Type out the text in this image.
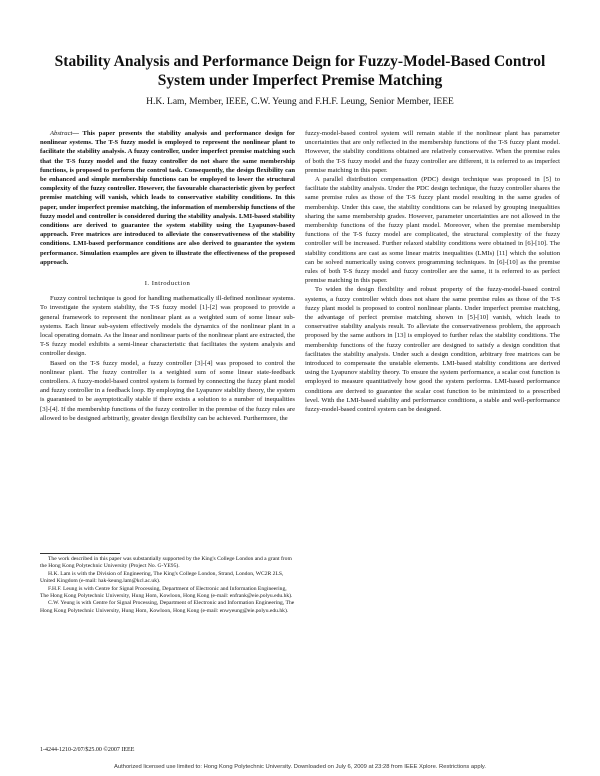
Stability Analysis and Performance Deign for Fuzzy-Model-Based Control System under Imperfect Premise Matching
H.K. Lam, Member, IEEE, C.W. Yeung and F.H.F. Leung, Senior Member, IEEE

Abstract— This paper presents the stability analysis and performance design for nonlinear systems. The T-S fuzzy model is employed to represent the nonlinear plant to facilitate the stability analysis. A fuzzy controller, under imperfect premise matching such that the T-S fuzzy model and the fuzzy controller do not share the same membership functions, is proposed to perform the control task. Consequently, the design flexibility can be enhanced and simple membership functions can be employed to lower the structural complexity of the fuzzy controller. However, the favourable characteristic given by perfect premise matching will vanish, which leads to conservative stability conditions. In this paper, under imperfect premise matching, the information of membership functions of the fuzzy model and controller is considered during the stability analysis. LMI-based stability conditions are derived to guarantee the system stability using the Lyapunov-based approach. Free matrices are introduced to alleviate the conservativeness of the stability conditions. LMI-based performance conditions are also derived to guarantee the system performance. Simulation examples are given to illustrate the effectiveness of the proposed approach.

I. Introduction

Fuzzy control technique is good for handling mathematically ill-defined nonlinear systems. To investigate the system stability, the T-S fuzzy model [1]-[2] was proposed to provide a general framework to represent the nonlinear plant as a weighted sum of some linear sub-systems. Each linear sub-system effectively models the dynamics of the nonlinear plant in a local operating domain. As the linear and nonlinear parts of the nonlinear plant are extracted, the T-S fuzzy model exhibits a semi-linear characteristic that facilitates the system analysis and controller design.

Based on the T-S fuzzy model, a fuzzy controller [3]-[4] was proposed to control the nonlinear plant. The fuzzy controller is a weighted sum of some linear state-feedback controllers. A fuzzy-model-based control system is formed by connecting the fuzzy plant model and fuzzy controller in a feedback loop. By employing the Lyapunov stability theory, the system is guaranteed to be asymptotically stable if there exists a solution to a number of inequalities [3]-[4]. If the membership functions of the fuzzy controller in the premise of the fuzzy rules are allowed to be designed arbitrarily, greater design flexibility can be achieved. Furthermore, the

The work described in this paper was substantially supported by the King's College London and a grant from the Hong Kong Polytechnic University (Project No. G-YE95).

H.K. Lam is with the Division of Engineering, The King's College London, Strand, London, WC2R 2LS, United Kingdom (e-mail: hak-keung.lam@kcl.ac.uk).

F.H.F. Leung is with Centre for Signal Processing, Department of Electronic and Information Engineering, The Hong Kong Polytechnic University, Hung Hom, Kowloon, Hong Kong (e-mail: enfrank@eie.polyu.edu.hk).

C.W. Yeung is with Centre for Signal Processing, Department of Electronic and Information Engineering, The Hong Kong Polytechnic University, Hung Hom, Kowloon, Hong Kong (e-mail: enwyeung@eie.polyu.edu.hk).

fuzzy-model-based control system will remain stable if the nonlinear plant has parameter uncertainties that are only reflected in the membership functions of the T-S fuzzy plant model. However, the stability conditions obtained are relatively conservative. When the premise rules of both the T-S fuzzy model and the fuzzy controller are different, it is referred to as imperfect premise matching in this paper.

A parallel distribution compensation (PDC) design technique was proposed in [5] to facilitate the stability analysis. Under the PDC design technique, the fuzzy controller shares the same premise rules as those of the T-S fuzzy plant model resulting in the same grades of membership. Under this case, the stability conditions can be relaxed by grouping inequalities sharing the same membership grades. However, parameter uncertainties are not allowed in the membership functions of the fuzzy plant model. Moreover, when the premise membership functions of the T-S fuzzy model are complicated, the structural complexity of the fuzzy controller will be increased. Further relaxed stability conditions were obtained in [6]-[10]. The stability conditions are cast as some linear matrix inequalities (LMIs) [11] which the solution can be solved numerically using convex programming techniques. In [6]-[10] as the premise rules of both T-S fuzzy model and fuzzy controller are the same, it is referred to as perfect premise matching in this paper.

To widen the design flexibility and robust property of the fuzzy-model-based control systems, a fuzzy controller which does not share the same premise rules as those of the T-S fuzzy plant model is proposed to control nonlinear plants. Under imperfect premise matching, the advantage of perfect premise matching shown in [5]-[10] vanish, which leads to conservative stability analysis result. To alleviate the conservativeness problem, the approach proposed by the same authors in [13] is employed to further relax the stability conditions. The membership functions of the fuzzy controller are designed to satisfy a design condition that facilitates the stability analysis. Under such a design condition, arbitrary free matrices can be introduced to compensate the unstable elements. LMI-based stability conditions are derived using the Lyapunov stability theory. To ensure the system performance, a scalar cost function is employed to measure quantitatively how good the system performs. LMI-based performance conditions are derived to guarantee the scalar cost function to be minimized to a prescribed level. With the LMI-based stability and performance conditions, a stable and well-performance fuzzy-model-based control system can be designed.

1-4244-1210-2/07/$25.00 ©2007 IEEE
Authorized licensed use limited to: Hong Kong Polytechnic University. Downloaded on July 6, 2009 at 23:28 from IEEE Xplore. Restrictions apply.
